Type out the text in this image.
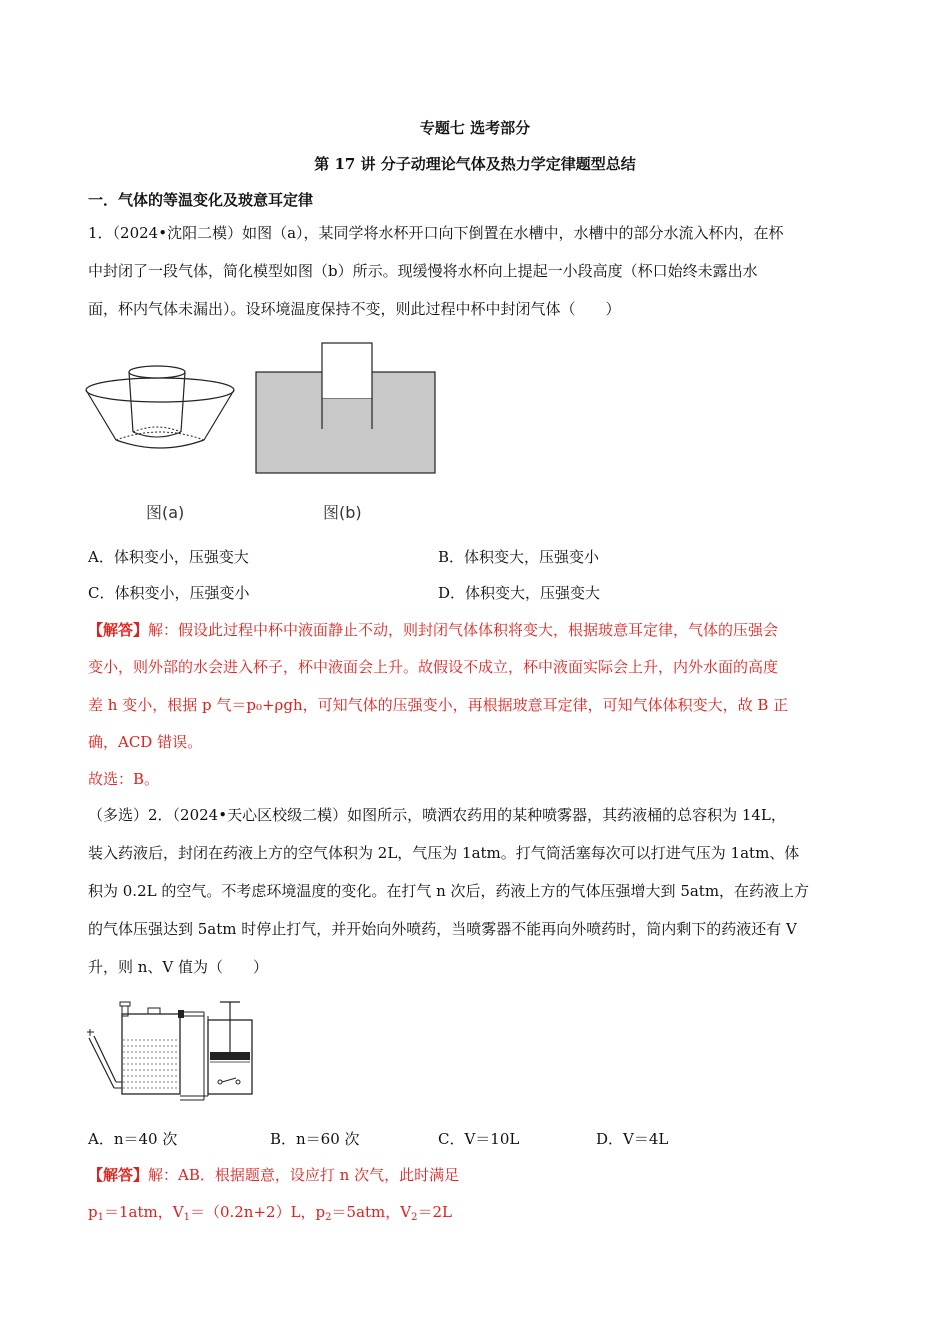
专题七 选考部分
第 17 讲 分子动理论气体及热力学定律题型总结
一．气体的等温变化及玻意耳定律
1．（2024•沈阳二模）如图（a），某同学将水杯开口向下倒置在水槽中，水槽中的部分水流入杯内，在杯
中封闭了一段气体，简化模型如图（b）所示。现缓慢将水杯向上提起一小段高度（杯口始终未露出水
面，杯内气体未漏出）。设环境温度保持不变，则此过程中杯中封闭气体（　　）
图(a)	图(b)
A．体积变小，压强变大	B．体积变大，压强变小
C．体积变小，压强变小	D．体积变大，压强变大
【解答】解：假设此过程中杯中液面静止不动，则封闭气体体积将变大，根据玻意耳定律，气体的压强会
变小，则外部的水会进入杯子，杯中液面会上升。故假设不成立，杯中液面实际会上升，内外水面的高度
差 h 变小，根据 p 气＝p₀+ρgh，可知气体的压强变小，再根据玻意耳定律，可知气体体积变大，故 B 正
确，ACD 错误。
故选：B。
（多选）2．（2024•天心区校级二模）如图所示，喷洒农药用的某种喷雾器，其药液桶的总容积为 14L，
装入药液后，封闭在药液上方的空气体积为 2L，气压为 1atm。打气筒活塞每次可以打进气压为 1atm、体
积为 0.2L 的空气。不考虑环境温度的变化。在打气 n 次后，药液上方的气体压强增大到 5atm，在药液上方
的气体压强达到 5atm 时停止打气，并开始向外喷药，当喷雾器不能再向外喷药时，筒内剩下的药液还有 V
升，则 n、V 值为（　　）
A．n＝40 次	B．n＝60 次	C．V＝10L	D．V＝4L
【解答】解：AB．根据题意，设应打 n 次气，此时满足
$p_1=1atm$，$V_1=(0.2n+2)L$，$p_2=5atm$，$V_2=2L$
